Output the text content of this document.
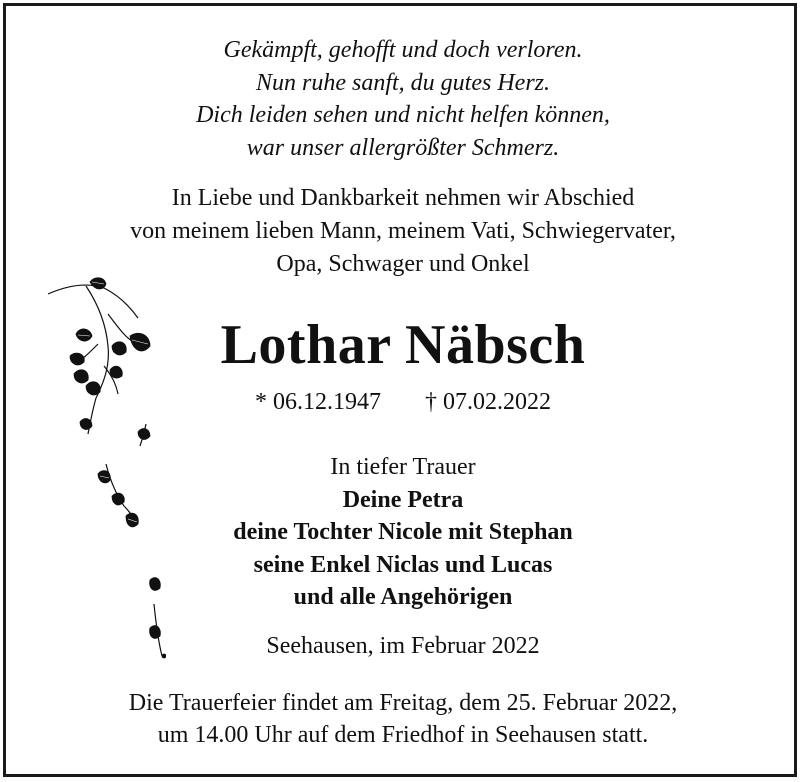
Gekämpft, gehofft und doch verloren.
Nun ruhe sanft, du gutes Herz.
Dich leiden sehen und nicht helfen können,
war unser allergrößter Schmerz.
In Liebe und Dankbarkeit nehmen wir Abschied
von meinem lieben Mann, meinem Vati, Schwiegervater,
Opa, Schwager und Onkel
Lothar Näbsch
* 06.12.1947 † 07.02.2022
In tiefer Trauer
Deine Petra
deine Tochter Nicole mit Stephan
seine Enkel Niclas und Lucas
und alle Angehörigen
Seehausen, im Februar 2022
Die Trauerfeier findet am Freitag, dem 25. Februar 2022,
um 14.00 Uhr auf dem Friedhof in Seehausen statt.
